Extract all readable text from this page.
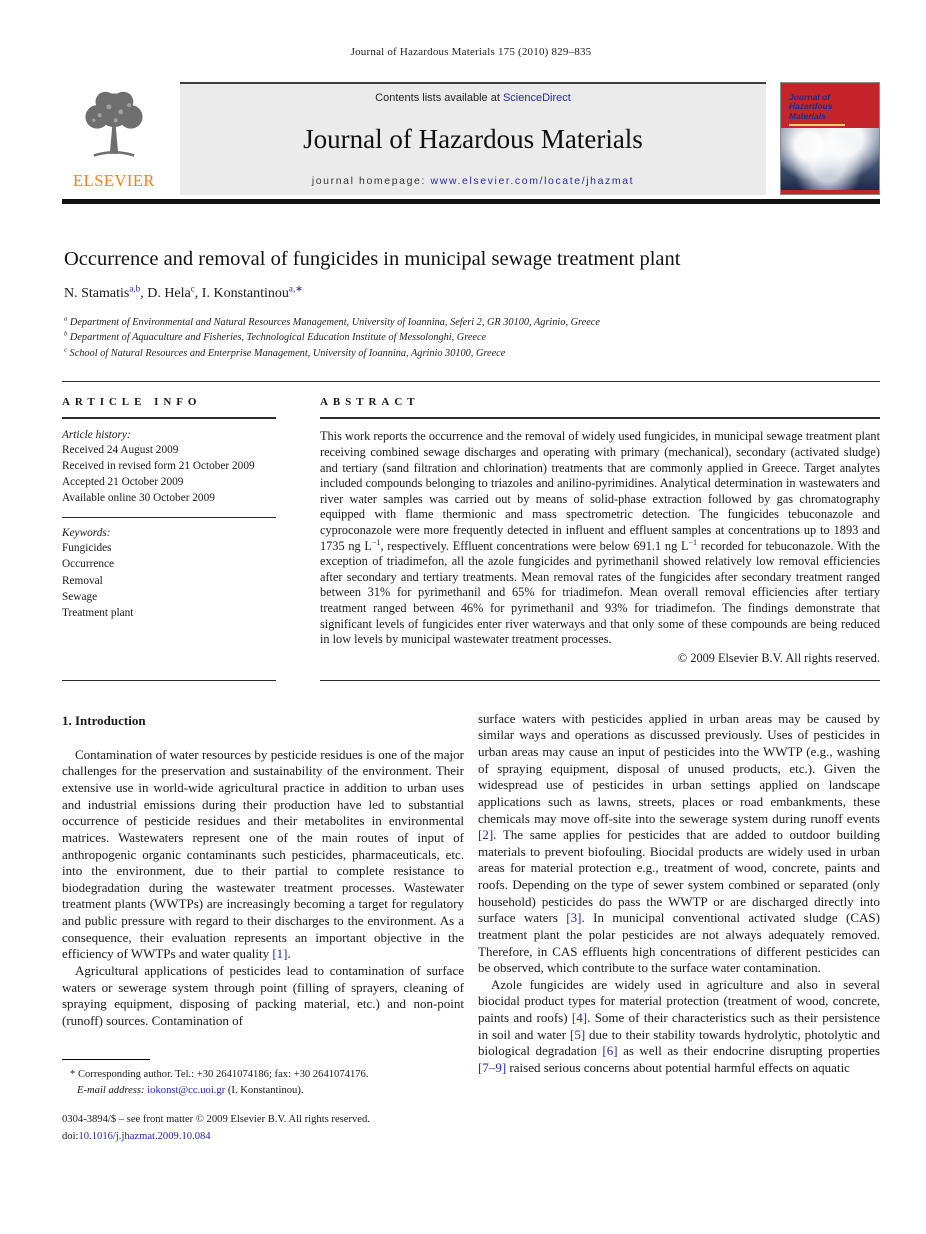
Journal of Hazardous Materials 175 (2010) 829–835
ELSEVIER
Contents lists available at ScienceDirect
Journal of Hazardous Materials
journal homepage: www.elsevier.com/locate/jhazmat
Journal of Hazardous Materials
Occurrence and removal of fungicides in municipal sewage treatment plant
N. Stamatis$^{a,b}$, D. Hela$^c$, I. Konstantinou$^{a,∗}$
$^a$ Department of Environmental and Natural Resources Management, University of Ioannina, Seferi 2, GR 30100, Agrinio, Greece
$^b$ Department of Aquaculture and Fisheries, Technological Education Institute of Messolonghi, Greece
$^c$ School of Natural Resources and Enterprise Management, University of Ioannina, Agrinio 30100, Greece
ARTICLE INFO
Article history:
Received 24 August 2009
Received in revised form 21 October 2009
Accepted 21 October 2009
Available online 30 October 2009
Keywords:
Fungicides
Occurrence
Removal
Sewage
Treatment plant
ABSTRACT

This work reports the occurrence and the removal of widely used fungicides, in municipal sewage treatment plant receiving combined sewage discharges and operating with primary (mechanical), secondary (activated sludge) and tertiary (sand filtration and chlorination) treatments that are commonly applied in Greece. Target analytes included compounds belonging to triazoles and anilino-pyrimidines. Analytical determination in wastewaters and river water samples was carried out by means of solid-phase extraction followed by gas chromatography equipped with flame thermionic and mass spectrometric detection. The fungicides tebuconazole and cyproconazole were more frequently detected in influent and effluent samples at concentrations up to 1893 and 1735 ng $L^{-1}$, respectively. Effluent concentrations were below 691.1 ng $L^{-1}$ recorded for tebuconazole. With the exception of triadimefon, all the azole fungicides and pyrimethanil showed relatively low removal efficiencies after secondary and tertiary treatments. Mean removal rates of the fungicides after secondary treatment ranged between 31% for pyrimethanil and 65% for triadimefon. Mean overall removal efficiencies after tertiary treatment ranged between 46% for pyrimethanil and 93% for triadimefon. The findings demonstrate that significant levels of fungicides enter river waterways and that only some of these compounds are being reduced in low levels by municipal wastewater treatment processes.

© 2009 Elsevier B.V. All rights reserved.
1. Introduction

Contamination of water resources by pesticide residues is one of the major challenges for the preservation and sustainability of the environment. Their extensive use in world-wide agricultural practice in addition to urban uses and industrial emissions during their production have led to substantial occurrence of pesticide residues and their metabolites in environmental matrices. Wastewaters represent one of the main routes of input of anthropogenic organic contaminants such pesticides, pharmaceuticals, etc. into the environment, due to their partial to complete resistance to biodegradation during the wastewater treatment processes. Wastewater treatment plants (WWTPs) are increasingly becoming a target for regulatory and public pressure with regard to their discharges to the environment. As a consequence, their evaluation represents an important objective in the efficiency of WWTPs and water quality [1].

Agricultural applications of pesticides lead to contamination of surface waters or sewerage system through point (filling of sprayers, cleaning of spraying equipment, disposing of packing material, etc.) and non-point (runoff) sources. Contamination of

* Corresponding author. Tel.: +30 2641074186; fax: +30 2641074176.

E-mail address: iokonst@cc.uoi.gr (I. Konstantinou).

0304-3894/$ – see front matter © 2009 Elsevier B.V. All rights reserved.

doi:10.1016/j.jhazmat.2009.10.084

surface waters with pesticides applied in urban areas may be caused by similar ways and operations as discussed previously. Uses of pesticides in urban areas may cause an input of pesticides into the WWTP (e.g., washing of spraying equipment, disposal of unused products, etc.). Given the widespread use of pesticides in urban settings applied on landscape applications such as lawns, streets, places or road embankments, these chemicals may move off-site into the sewerage system during runoff events [2]. The same applies for pesticides that are added to outdoor building materials to prevent biofouling. Biocidal products are widely used in urban areas for material protection e.g., treatment of wood, concrete, paints and roofs. Depending on the type of sewer system combined or separated (only household) pesticides do pass the WWTP or are discharged directly into surface waters [3]. In municipal conventional activated sludge (CAS) treatment plant the polar pesticides are not always adequately removed. Therefore, in CAS effluents high concentrations of different pesticides can be observed, which contribute to the surface water contamination.

Azole fungicides are widely used in agriculture and also in several biocidal product types for material protection (treatment of wood, concrete, paints and roofs) [4]. Some of their characteristics such as their persistence in soil and water [5] due to their stability towards hydrolytic, photolytic and biological degradation [6] as well as their endocrine disrupting properties [7–9] raised serious concerns about potential harmful effects on aquatic
